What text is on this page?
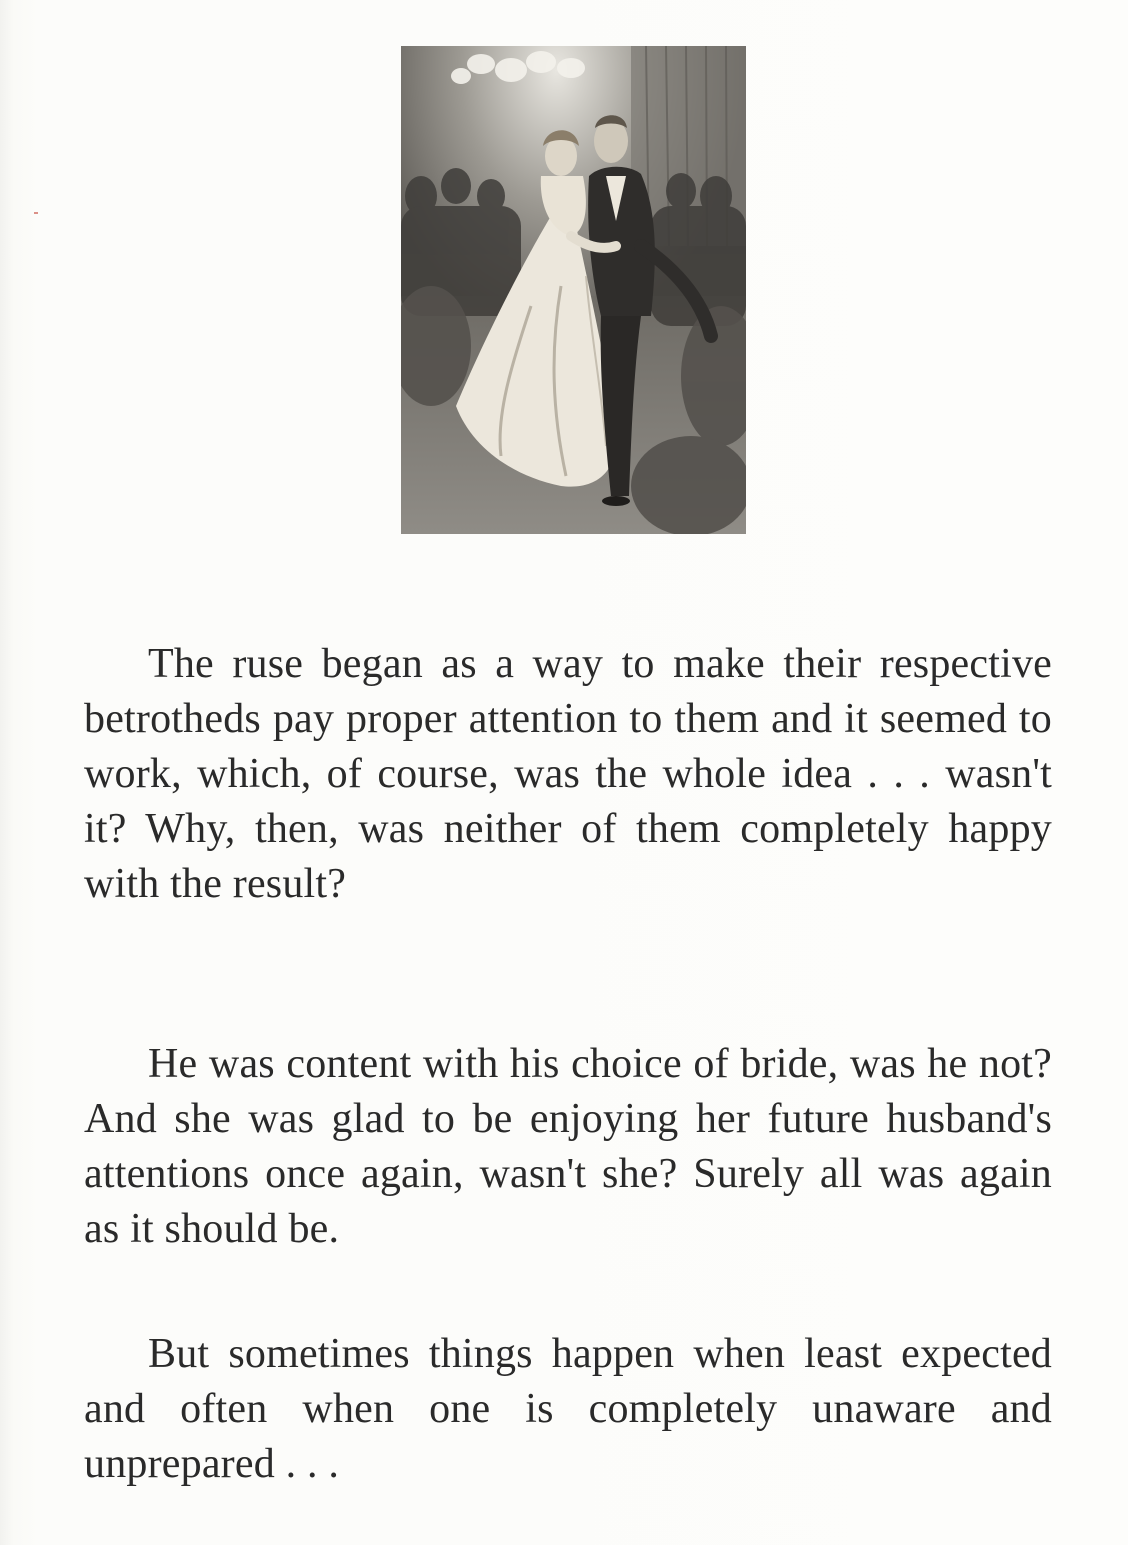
The ruse began as a way to make their respective betrotheds pay proper attention to them and it seemed to work, which, of course, was the whole idea . . . wasn't it? Why, then, was neither of them completely happy with the result?

He was content with his choice of bride, was he not? And she was glad to be enjoying her future husband's attentions once again, wasn't she? Surely all was again as it should be.

But sometimes things happen when least expected and often when one is completely unaware and unprepared . . .
